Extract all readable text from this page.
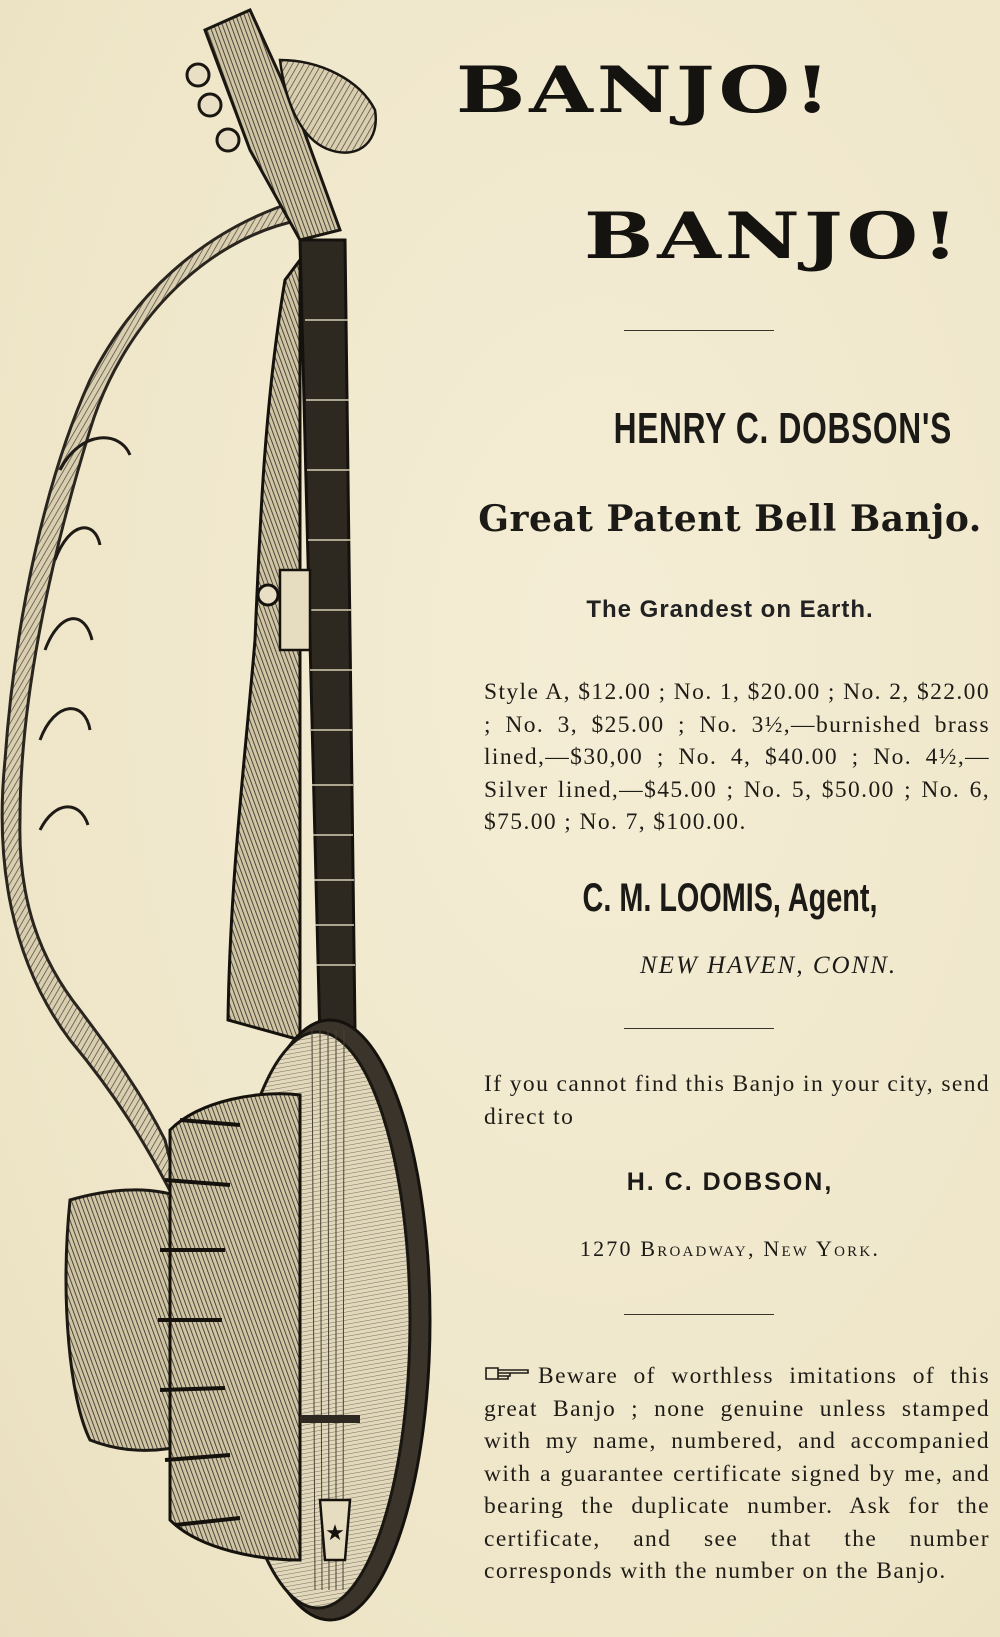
★
BANJO!
BANJO!
HENRY C. DOBSON'S
Great Patent Bell Banjo.
The Grandest on Earth.
Style A, $12.00 ; No. 1, $20.00 ; No. 2, $22.00 ; No. 3, $25.00 ; No. 3½,—burnished brass lined,—$30,00 ; No. 4, $40.00 ; No. 4½,—Silver lined,—$45.00 ; No. 5, $50.00 ; No. 6, $75.00 ; No. 7, $100.00.
C. M. LOOMIS, Agent,
NEW HAVEN, CONN.
If you cannot find this Banjo in your city, send direct to
H. C. DOBSON,
1270 Broadway, New York.
Beware of worthless imitations of this great Banjo ; none genuine unless stamped with my name, numbered, and accompanied with a guarantee certificate signed by me, and bearing the duplicate number. Ask for the certificate, and see that the number corresponds with the number on the Banjo.
